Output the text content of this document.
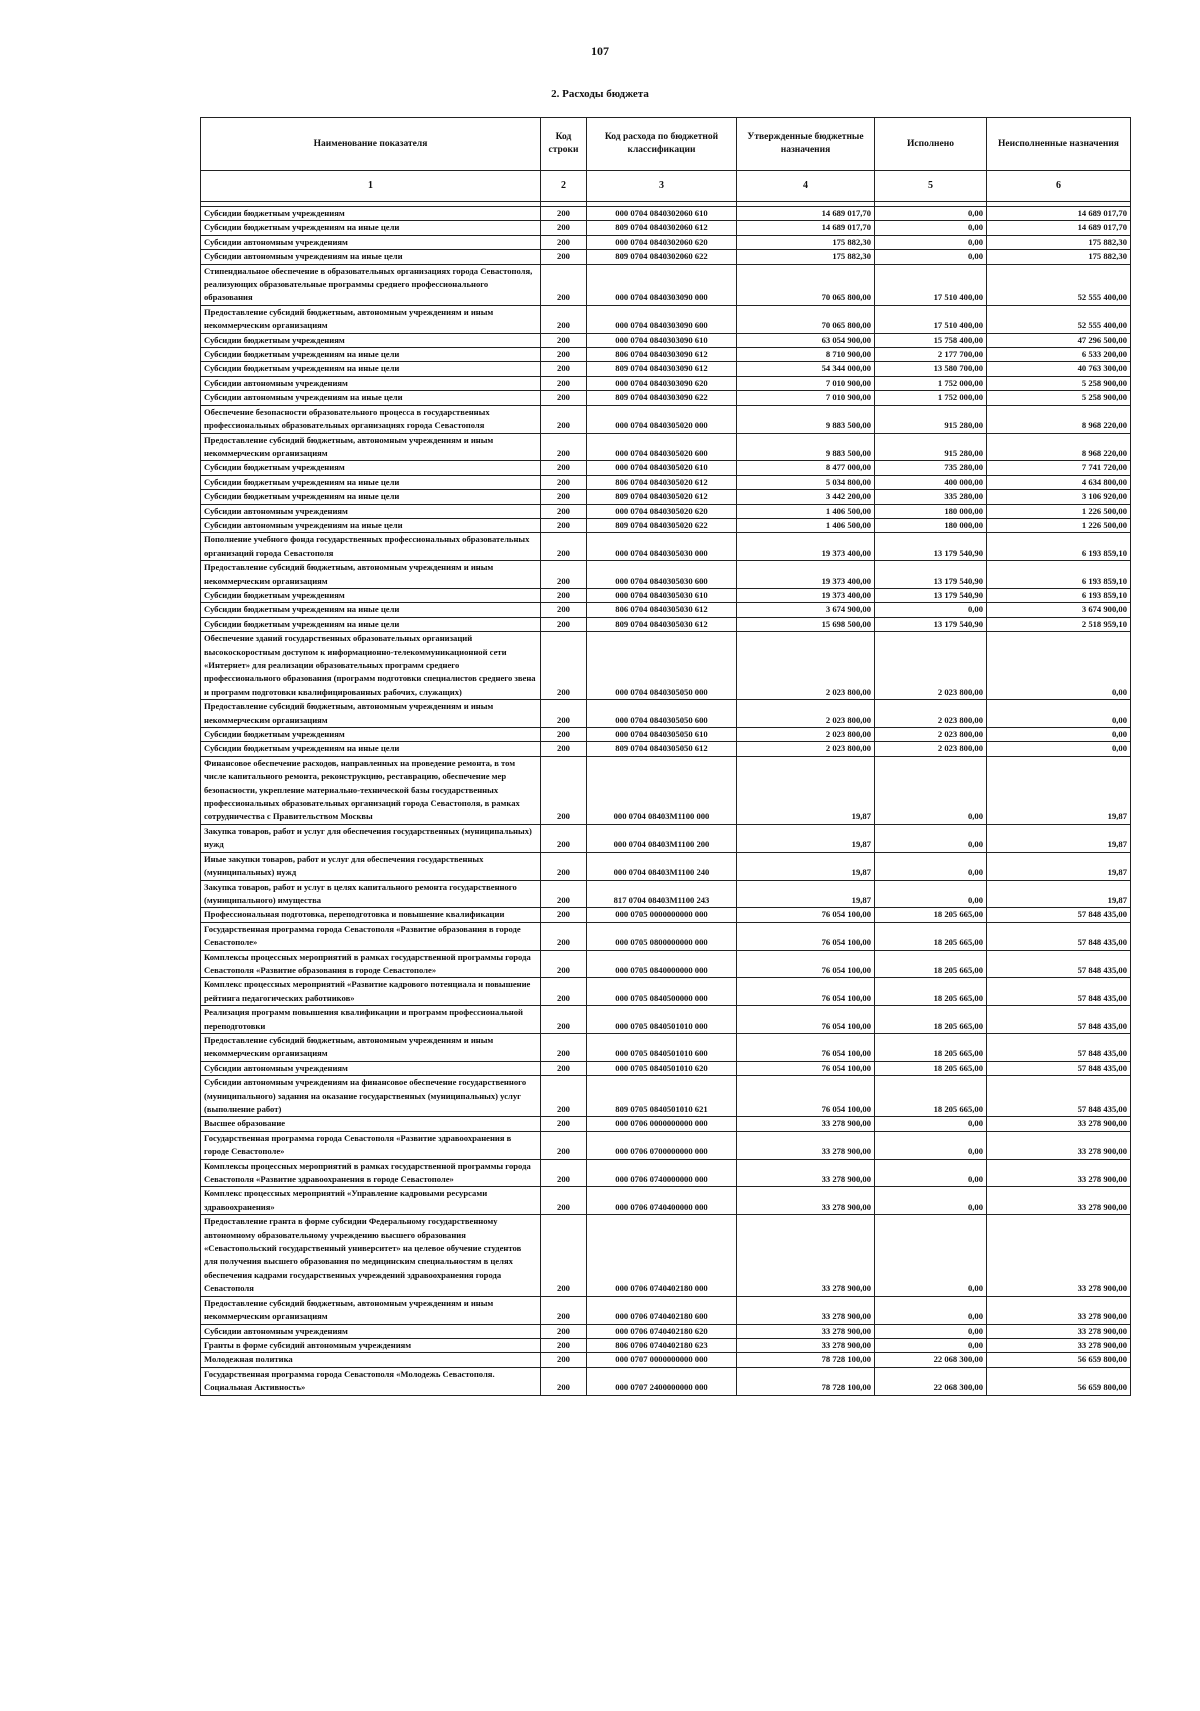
107
2. Расходы бюджета
Наименование показателя	Код строки	Код расхода по бюджетной классификации	Утвержденные бюджетные назначения	Исполнено	Неисполненные назначения
1	2	3	4	5	6

Субсидии бюджетным учреждениям	200	000 0704 0840302060 610	14 689 017,70	0,00	14 689 017,70
Субсидии бюджетным учреждениям на иные цели	200	809 0704 0840302060 612	14 689 017,70	0,00	14 689 017,70
Субсидии автономным учреждениям	200	000 0704 0840302060 620	175 882,30	0,00	175 882,30
Субсидии автономным учреждениям на иные цели	200	809 0704 0840302060 622	175 882,30	0,00	175 882,30
Стипендиальное обеспечение в образовательных организациях города Севастополя, реализующих образовательные программы среднего профессионального образования	200	000 0704 0840303090 000	70 065 800,00	17 510 400,00	52 555 400,00
Предоставление субсидий бюджетным, автономным учреждениям и иным некоммерческим организациям	200	000 0704 0840303090 600	70 065 800,00	17 510 400,00	52 555 400,00
Субсидии бюджетным учреждениям	200	000 0704 0840303090 610	63 054 900,00	15 758 400,00	47 296 500,00
Субсидии бюджетным учреждениям на иные цели	200	806 0704 0840303090 612	8 710 900,00	2 177 700,00	6 533 200,00
Субсидии бюджетным учреждениям на иные цели	200	809 0704 0840303090 612	54 344 000,00	13 580 700,00	40 763 300,00
Субсидии автономным учреждениям	200	000 0704 0840303090 620	7 010 900,00	1 752 000,00	5 258 900,00
Субсидии автономным учреждениям на иные цели	200	809 0704 0840303090 622	7 010 900,00	1 752 000,00	5 258 900,00
Обеспечение безопасности образовательного процесса в государственных профессиональных образовательных организациях города Севастополя	200	000 0704 0840305020 000	9 883 500,00	915 280,00	8 968 220,00
Предоставление субсидий бюджетным, автономным учреждениям и иным некоммерческим организациям	200	000 0704 0840305020 600	9 883 500,00	915 280,00	8 968 220,00
Субсидии бюджетным учреждениям	200	000 0704 0840305020 610	8 477 000,00	735 280,00	7 741 720,00
Субсидии бюджетным учреждениям на иные цели	200	806 0704 0840305020 612	5 034 800,00	400 000,00	4 634 800,00
Субсидии бюджетным учреждениям на иные цели	200	809 0704 0840305020 612	3 442 200,00	335 280,00	3 106 920,00
Субсидии автономным учреждениям	200	000 0704 0840305020 620	1 406 500,00	180 000,00	1 226 500,00
Субсидии автономным учреждениям на иные цели	200	809 0704 0840305020 622	1 406 500,00	180 000,00	1 226 500,00
Пополнение учебного фонда государственных профессиональных образовательных организаций города Севастополя	200	000 0704 0840305030 000	19 373 400,00	13 179 540,90	6 193 859,10
Предоставление субсидий бюджетным, автономным учреждениям и иным некоммерческим организациям	200	000 0704 0840305030 600	19 373 400,00	13 179 540,90	6 193 859,10
Субсидии бюджетным учреждениям	200	000 0704 0840305030 610	19 373 400,00	13 179 540,90	6 193 859,10
Субсидии бюджетным учреждениям на иные цели	200	806 0704 0840305030 612	3 674 900,00	0,00	3 674 900,00
Субсидии бюджетным учреждениям на иные цели	200	809 0704 0840305030 612	15 698 500,00	13 179 540,90	2 518 959,10
Обеспечение зданий государственных образовательных организаций высокоскоростным доступом к информационно-телекоммуникационной сети «Интернет» для реализации образовательных программ среднего профессионального образования (программ подготовки специалистов среднего звена и программ подготовки квалифицированных рабочих, служащих)	200	000 0704 0840305050 000	2 023 800,00	2 023 800,00	0,00
Предоставление субсидий бюджетным, автономным учреждениям и иным некоммерческим организациям	200	000 0704 0840305050 600	2 023 800,00	2 023 800,00	0,00
Субсидии бюджетным учреждениям	200	000 0704 0840305050 610	2 023 800,00	2 023 800,00	0,00
Субсидии бюджетным учреждениям на иные цели	200	809 0704 0840305050 612	2 023 800,00	2 023 800,00	0,00
Финансовое обеспечение расходов, направленных на проведение ремонта, в том числе капитального ремонта, реконструкцию, реставрацию, обеспечение мер безопасности, укрепление материально-технической базы государственных профессиональных образовательных организаций города Севастополя, в рамках сотрудничества с Правительством Москвы	200	000 0704 08403М1100 000	19,87	0,00	19,87
Закупка товаров, работ и услуг для обеспечения государственных (муниципальных) нужд	200	000 0704 08403М1100 200	19,87	0,00	19,87
Иные закупки товаров, работ и услуг для обеспечения государственных (муниципальных) нужд	200	000 0704 08403М1100 240	19,87	0,00	19,87
Закупка товаров, работ и услуг в целях капитального ремонта государственного (муниципального) имущества	200	817 0704 08403М1100 243	19,87	0,00	19,87
Профессиональная подготовка, переподготовка и повышение квалификации	200	000 0705 0000000000 000	76 054 100,00	18 205 665,00	57 848 435,00
Государственная программа города Севастополя «Развитие образования в городе Севастополе»	200	000 0705 0800000000 000	76 054 100,00	18 205 665,00	57 848 435,00
Комплексы процессных мероприятий в рамках государственной программы города Севастополя «Развитие образования в городе Севастополе»	200	000 0705 0840000000 000	76 054 100,00	18 205 665,00	57 848 435,00
Комплекс процессных мероприятий «Развитие кадрового потенциала и повышение рейтинга педагогических работников»	200	000 0705 0840500000 000	76 054 100,00	18 205 665,00	57 848 435,00
Реализация программ повышения квалификации и программ профессиональной переподготовки	200	000 0705 0840501010 000	76 054 100,00	18 205 665,00	57 848 435,00
Предоставление субсидий бюджетным, автономным учреждениям и иным некоммерческим организациям	200	000 0705 0840501010 600	76 054 100,00	18 205 665,00	57 848 435,00
Субсидии автономным учреждениям	200	000 0705 0840501010 620	76 054 100,00	18 205 665,00	57 848 435,00
Субсидии автономным учреждениям на финансовое обеспечение государственного (муниципального) задания на оказание государственных (муниципальных) услуг (выполнение работ)	200	809 0705 0840501010 621	76 054 100,00	18 205 665,00	57 848 435,00
Высшее образование	200	000 0706 0000000000 000	33 278 900,00	0,00	33 278 900,00
Государственная программа города Севастополя «Развитие здравоохранения в городе Севастополе»	200	000 0706 0700000000 000	33 278 900,00	0,00	33 278 900,00
Комплексы процессных мероприятий в рамках государственной программы города Севастополя «Развитие здравоохранения в городе Севастополе»	200	000 0706 0740000000 000	33 278 900,00	0,00	33 278 900,00
Комплекс процессных мероприятий «Управление кадровыми ресурсами здравоохранения»	200	000 0706 0740400000 000	33 278 900,00	0,00	33 278 900,00
Предоставление гранта в форме субсидии Федеральному государственному автономному образовательному учреждению высшего образования «Севастопольский государственный университет» на целевое обучение студентов для получения высшего образования по медицинским специальностям в целях обеспечения кадрами государственных учреждений здравоохранения города Севастополя	200	000 0706 0740402180 000	33 278 900,00	0,00	33 278 900,00
Предоставление субсидий бюджетным, автономным учреждениям и иным некоммерческим организациям	200	000 0706 0740402180 600	33 278 900,00	0,00	33 278 900,00
Субсидии автономным учреждениям	200	000 0706 0740402180 620	33 278 900,00	0,00	33 278 900,00
Гранты в форме субсидий автономным учреждениям	200	806 0706 0740402180 623	33 278 900,00	0,00	33 278 900,00
Молодежная политика	200	000 0707 0000000000 000	78 728 100,00	22 068 300,00	56 659 800,00
Государственная программа города Севастополя «Молодежь Севастополя. Социальная Активность»	200	000 0707 2400000000 000	78 728 100,00	22 068 300,00	56 659 800,00
